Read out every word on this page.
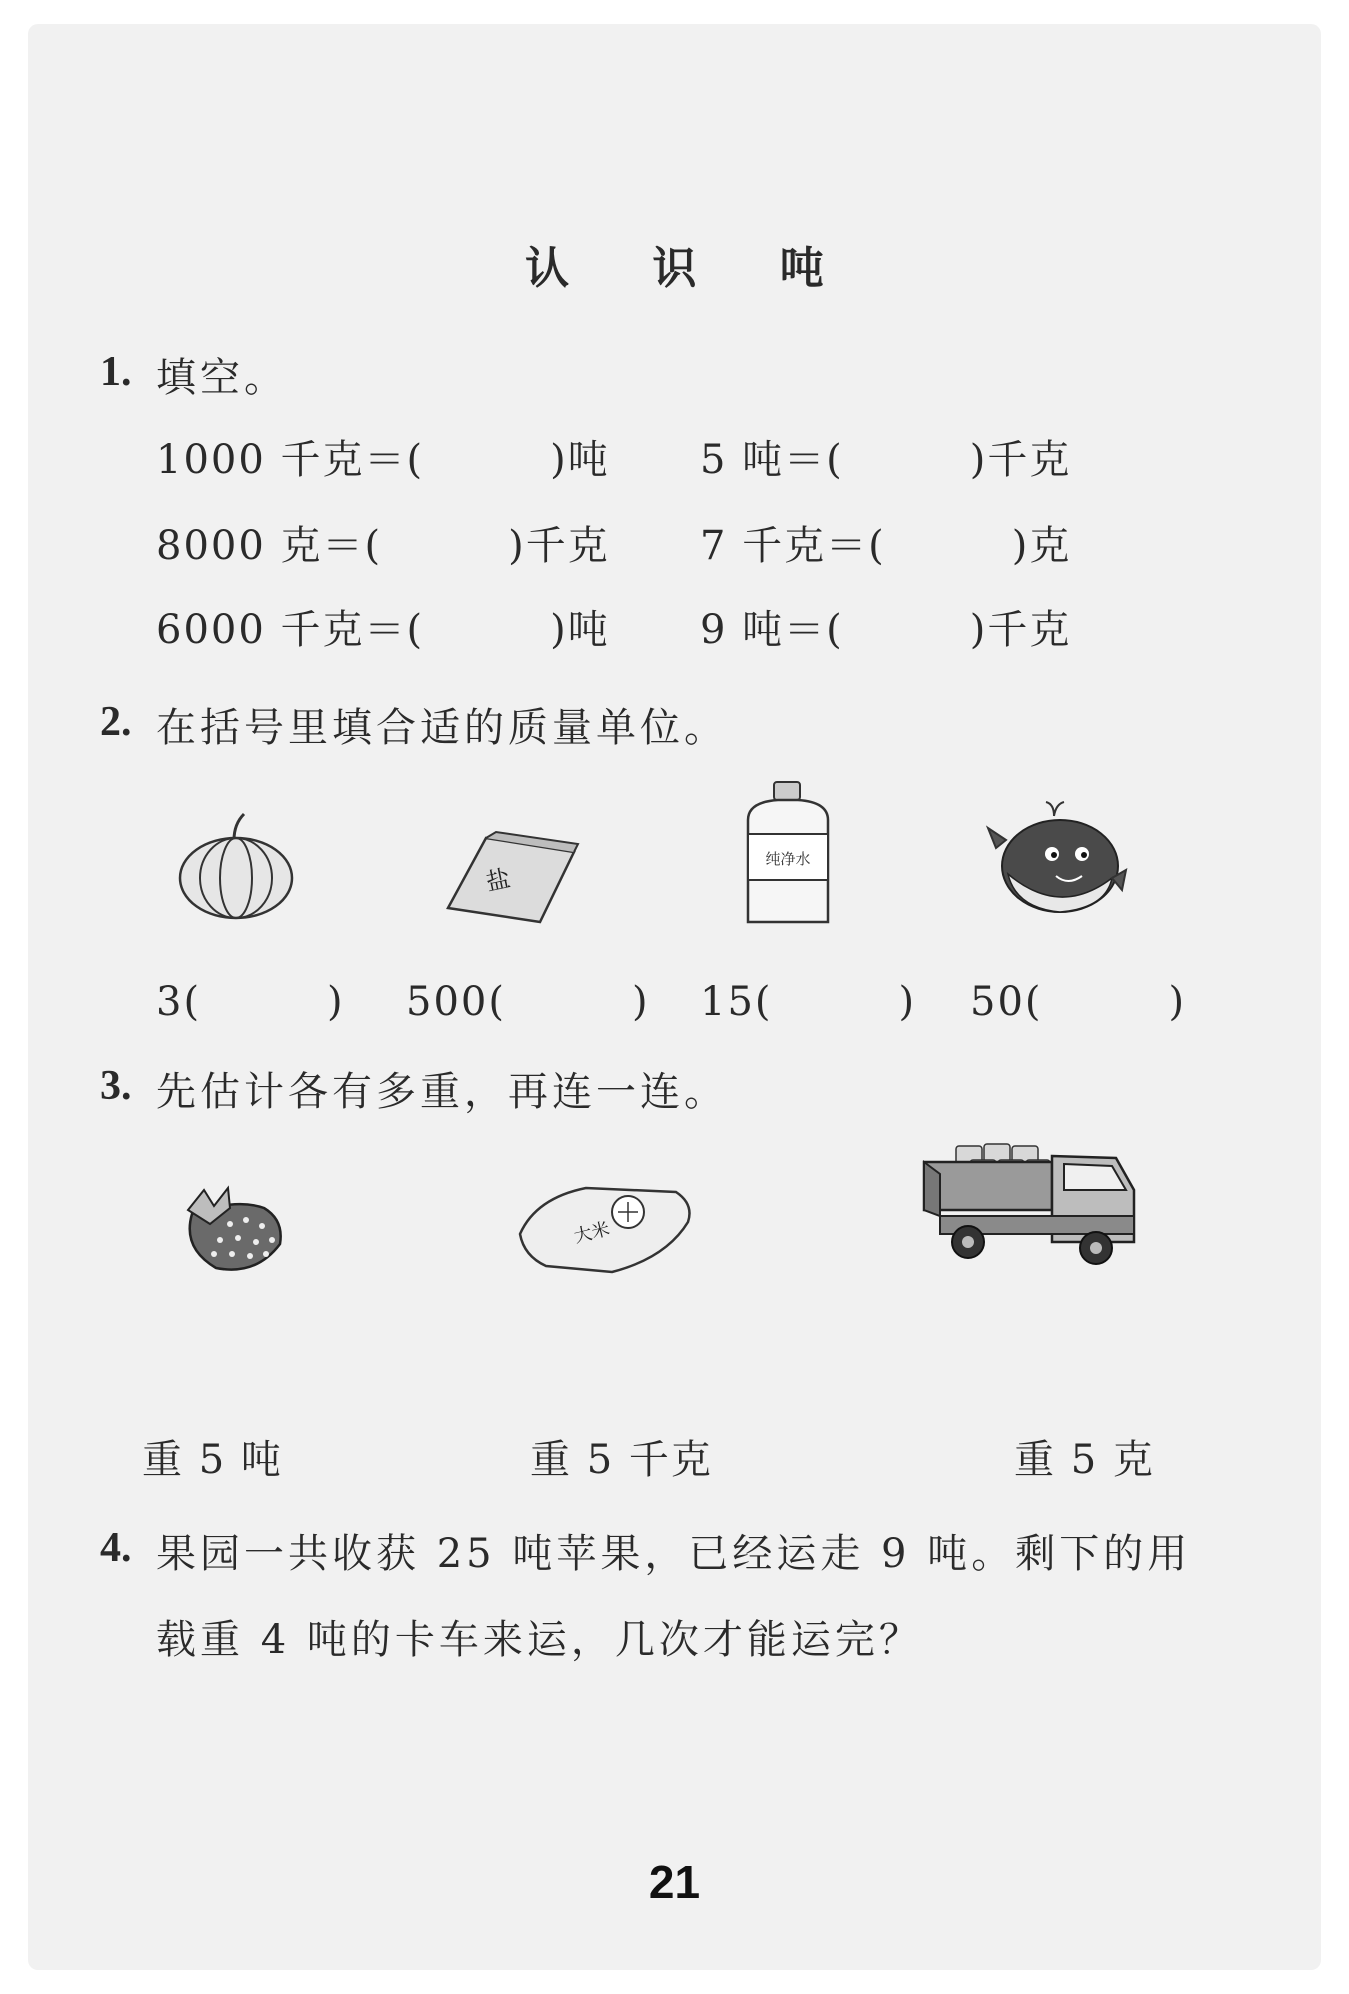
认 识 吨
1. 填空。
1000 千克＝(　　　)吨 5 吨＝(　　　)千克
8000 克＝(　　　)千克 7 千克＝(　　　)克
6000 千克＝(　　　)吨 9 吨＝(　　　)千克
2. 在括号里填合适的质量单位。
盐
纯净水
3(　　　) 500(　　　) 15(　　　) 50(　　　)
3. 先估计各有多重，再连一连。
大米
重 5 吨	重 5 千克	重 5 克
4. 果园一共收获 25 吨苹果，已经运走 9 吨。剩下的用
载重 4 吨的卡车来运，几次才能运完？
21
